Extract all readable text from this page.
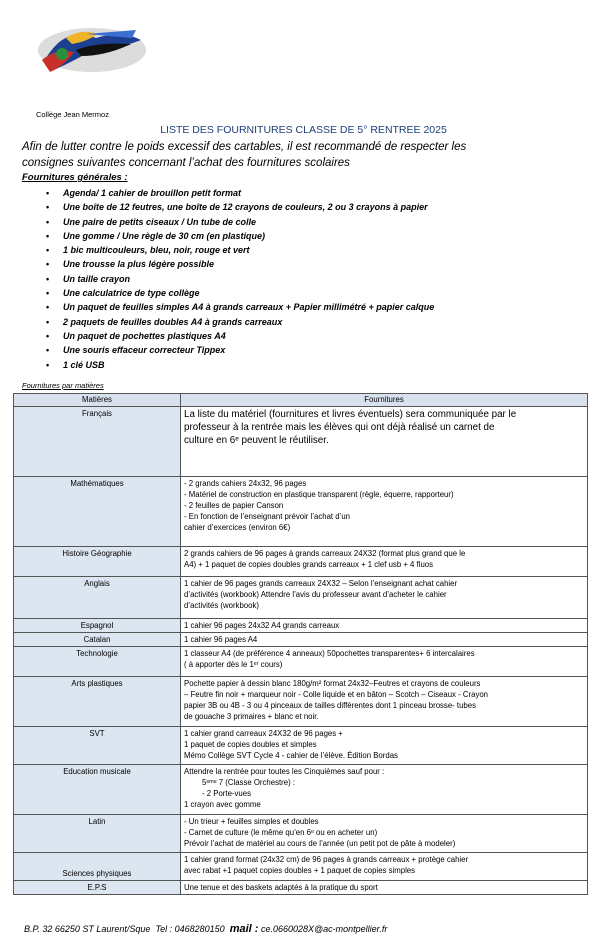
Collège Jean Mermoz
LISTE DES FOURNITURES CLASSE DE 5° RENTREE 2025
Afin de lutter contre le poids excessif des cartables, il est recommandé de respecter les
consignes suivantes concernant l’achat des fournitures scolaires
Fournitures générales :
• Agenda/ 1 cahier de brouillon petit format
• Une boîte de 12 feutres, une boîte de 12 crayons de couleurs, 2 ou 3 crayons à papier
• Une paire de petits ciseaux / Un tube de colle
• Une gomme / Une règle de 30 cm (en plastique)
• 1 bic multicouleurs, bleu, noir, rouge et vert
• Une trousse la plus légère possible
• Un taille crayon
• Une calculatrice de type collège
• Un paquet de feuilles simples A4 à grands carreaux + Papier millimétré + papier calque
• 2 paquets de feuilles doubles A4 à grands carreaux
• Un paquet de pochettes plastiques A4
• Une souris effaceur correcteur Tippex
• 1 clé USB
Fournitures par matières
Matières	Fournitures
Français	La liste du matériel (fournitures et livres éventuels) sera communiquée par le
professeur à la rentrée mais les élèves qui ont déjà réalisé un carnet de
culture en 6ᵉ peuvent le réutiliser.

Mathématiques	- 2 grands cahiers 24x32, 96 pages
- Matériel de construction en plastique transparent (règle, équerre, rapporteur)
- 2 feuilles de papier Canson
- En fonction de l’enseignant prévoir l’achat d’un
cahier d’exercices (environ 6€)

Histoire Géographie	2 grands cahiers de 96 pages à grands carreaux 24X32 (format plus grand que le
A4) + 1 paquet de copies doubles grands carreaux + 1 clef usb + 4 fluos

Anglais	1 cahier de 96 pages grands carreaux 24X32 – Selon l’enseignant achat cahier
d’activités (workbook) Attendre l’avis du professeur avant d’acheter le cahier
d’activités (workbook)

Espagnol	1 cahier 96 pages 24x32 A4 grands carreaux

Catalan	1 cahier 96 pages A4

Technologie	1 classeur A4 (de préférence 4 anneaux) 50pochettes transparentes+ 6 intercalaires
( à apporter dès le 1ᵉʳ cours)

Arts plastiques	Pochette papier à dessin blanc 180g/m² format 24x32–Feutres et crayons de couleurs
– Feutre fin noir + marqueur noir - Colle liquide et en bâton – Scotch – Ciseaux - Crayon
papier 3B ou 4B - 3 ou 4 pinceaux de tailles différentes dont 1 pinceau brosse- tubes
de gouache 3 primaires + blanc et noir.

SVT	1 cahier grand carreaux 24X32 de 96 pages +
1 paquet de copies doubles et simples
Mémo Collège SVT Cycle 4 - cahier de l’élève. Édition Bordas

Education musicale	Attendre la rentrée pour toutes les Cinquièmes sauf pour :
5ᵉᵐᵉ 7 (Classe Orchestre) :
- 2 Porte-vues
1 crayon avec gomme

Latin	- Un trieur + feuilles simples et doubles
- Carnet de culture (le même qu’en 6ᵉ ou en acheter un)
Prévoir l’achat de matériel au cours de l’année (un petit pot de pâte à modeler)

Sciences physiques	1 cahier grand format (24x32 cm) de 96 pages à grands carreaux + protège cahier
avec rabat +1 paquet copies doubles + 1 paquet de copies simples

E.P.S	Une tenue et des baskets adaptés à la pratique du sport
B.P. 32 66250 ST Laurent/Sque Tel : 0468280150 mail : ce.0660028X@ac-montpellier.fr
